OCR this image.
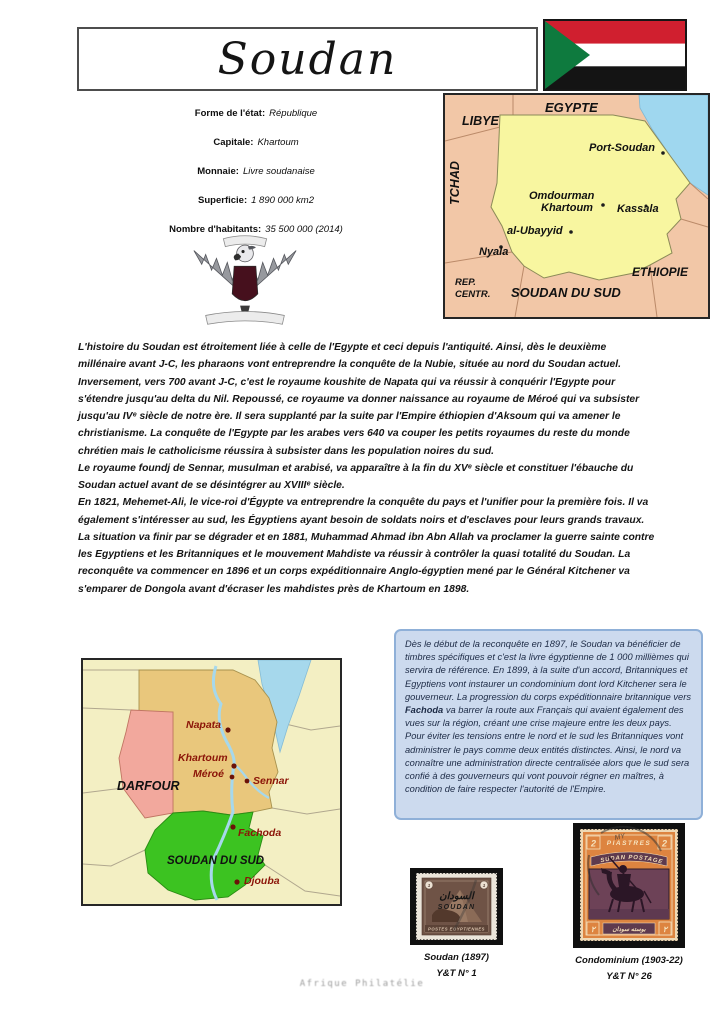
Soudan
Forme de l'état: République
Capitale: Khartoum
Monnaie: Livre soudanaise
Superficie: 1 890 000 km2
Nombre d'habitants: 35 500 000 (2014)
LIBYE
EGYPTE
TCHAD
REP.
CENTR. SOUDAN DU SUD
ETHIOPIE
Port-Soudan
Omdourman
Khartoum Kassala
al-Ubayyid
Nyala

L'histoire du Soudan est étroitement liée à celle de l'Egypte et ceci depuis l'antiquité. Ainsi, dès le deuxième millénaire avant J-C, les pharaons vont entreprendre la conquête de la Nubie, située au nord du Soudan actuel. Inversement, vers 700 avant J-C, c'est le royaume koushite de Napata qui va réussir à conquérir l'Egypte pour s'étendre jusqu'au delta du Nil. Repoussé, ce royaume va donner naissance au royaume de Méroé qui va subsister jusqu'au IVᵉ siècle de notre ère. Il sera supplanté par la suite par l'Empire éthiopien d'Aksoum qui va amener le christianisme. La conquête de l'Egypte par les arabes vers 640 va couper les petits royaumes du reste du monde chrétien mais le catholicisme réussira à subsister dans les population noires du sud.

Le royaume foundj de Sennar, musulman et arabisé, va apparaître à la fin du XVᵉ siècle et constituer l'ébauche du Soudan actuel avant de se désintégrer au XVIIIᵉ siècle.

En 1821, Mehemet-Ali, le vice-roi d'Égypte va entreprendre la conquête du pays et l'unifier pour la première fois. Il va également s'intéresser au sud, les Égyptiens ayant besoin de soldats noirs et d'esclaves pour leurs grands travaux. La situation va finir par se dégrader et en 1881, Muhammad Ahmad ibn Abn Allah va proclamer la guerre sainte contre les Egyptiens et les Britanniques et le mouvement Mahdiste va réussir à contrôler la quasi totalité du Soudan. La reconquête va commencer en 1896 et un corps expéditionnaire Anglo-égyptien mené par le Général Kitchener va s'emparer de Dongola avant d'écraser les mahdistes près de Khartoum en 1898.

Dès le début de la reconquête en 1897, le Soudan va bénéficier de timbres spécifiques et c'est la livre égyptienne de 1 000 millièmes qui servira de référence. En 1899, à la suite d'un accord, Britanniques et Egyptiens vont instaurer un condominium dont lord Kitchener sera le gouverneur. La progression du corps expéditionnaire britannique vers Fachoda va barrer la route aux Français qui avaient également des vues sur la région, créant une crise majeure entre les deux pays. Pour éviter les tensions entre le nord et le sud les Britanniques vont administrer le pays comme deux entités distinctes. Ainsi, le nord va connaître une administration directe centralisée alors que le sud sera confié à des gouverneurs qui vont pouvoir régner en maîtres, à condition de faire respecter l'autorité de l'Empire.
Napata
Khartoum
Méroé
Sennar
Fachoda
Djouba
DARFOUR
SOUDAN DU SUD
POSTES EGYPTIENNES
1	1
السودان
SOUDAN
Soudan (1897)
Y&T N° 1
2	2
PIASTRES
SUDAN POSTAGE
٢	٢
بوسته سودان
MY
Condominium (1903-22)
Y&T N° 26
Afrique Philatélie
